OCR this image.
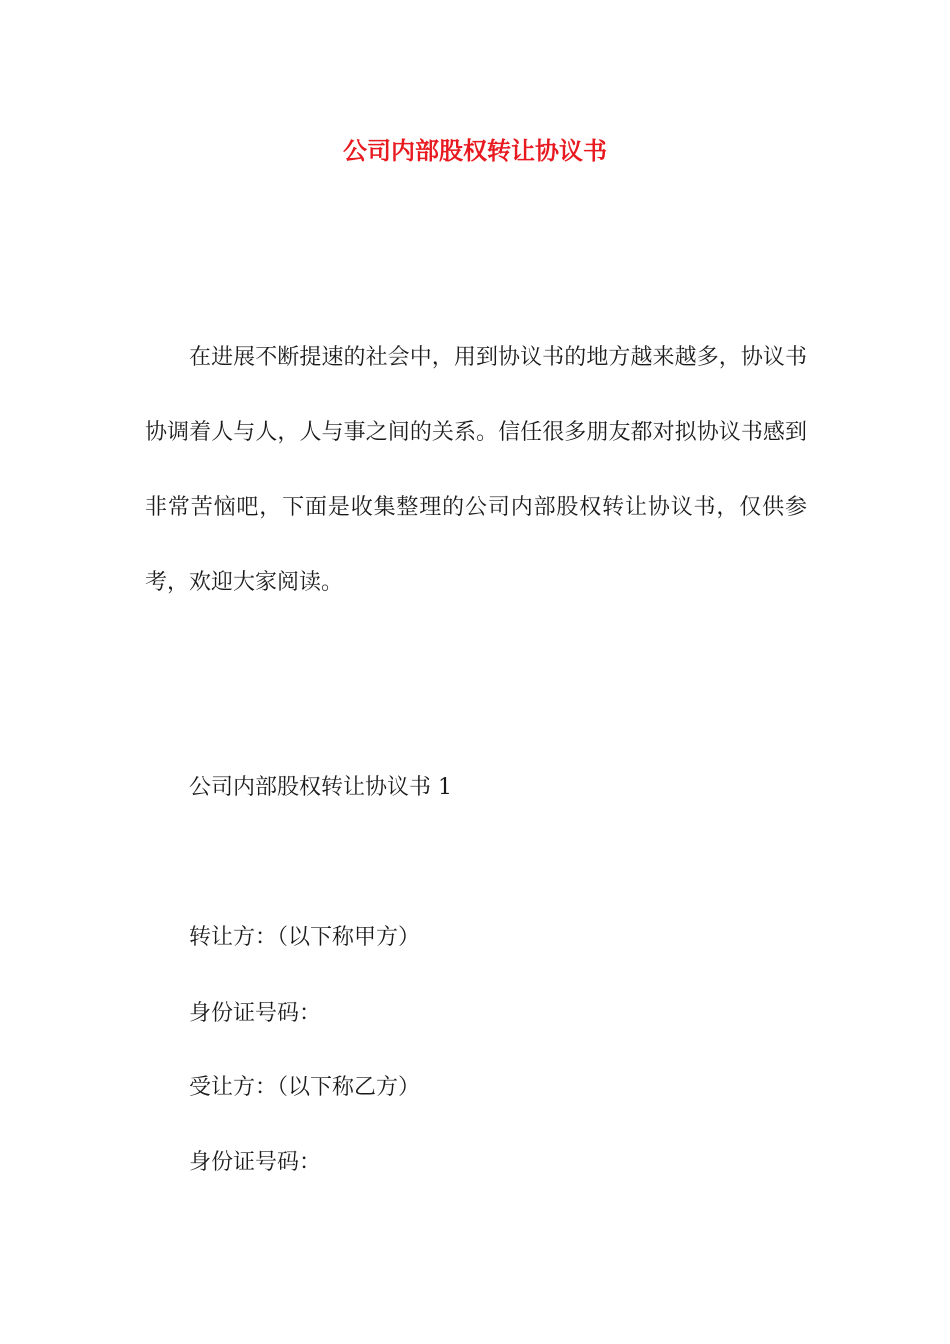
公司内部股权转让协议书

在进展不断提速的社会中，用到协议书的地方越来越多，协议书协调着人与人，人与事之间的关系。信任很多朋友都对拟协议书感到非常苦恼吧，下面是收集整理的公司内部股权转让协议书，仅供参考，欢迎大家阅读。

公司内部股权转让协议书 1

转让方：（以下称甲方）

身份证号码：

受让方：（以下称乙方）

身份证号码：
